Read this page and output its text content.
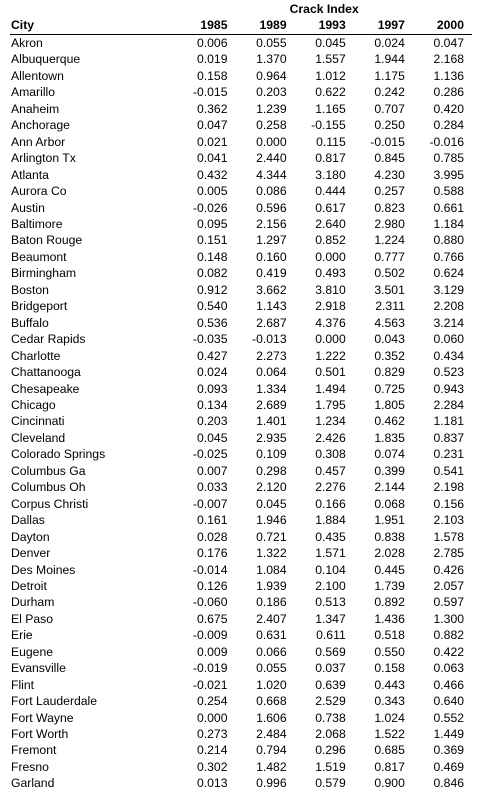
	Crack Index				
City	1985	1989	1993	1997	2000
Akron	0.006	0.055	0.045	0.024	0.047
Albuquerque	0.019	1.370	1.557	1.944	2.168
Allentown	0.158	0.964	1.012	1.175	1.136
Amarillo	-0.015	0.203	0.622	0.242	0.286
Anaheim	0.362	1.239	1.165	0.707	0.420
Anchorage	0.047	0.258	-0.155	0.250	0.284
Ann Arbor	0.021	0.000	0.115	-0.015	-0.016
Arlington Tx	0.041	2.440	0.817	0.845	0.785
Atlanta	0.432	4.344	3.180	4.230	3.995
Aurora Co	0.005	0.086	0.444	0.257	0.588
Austin	-0.026	0.596	0.617	0.823	0.661
Baltimore	0.095	2.156	2.640	2.980	1.184
Baton Rouge	0.151	1.297	0.852	1.224	0.880
Beaumont	0.148	0.160	0.000	0.777	0.766
Birmingham	0.082	0.419	0.493	0.502	0.624
Boston	0.912	3.662	3.810	3.501	3.129
Bridgeport	0.540	1.143	2.918	2.311	2.208
Buffalo	0.536	2.687	4.376	4.563	3.214
Cedar Rapids	-0.035	-0.013	0.000	0.043	0.060
Charlotte	0.427	2.273	1.222	0.352	0.434
Chattanooga	0.024	0.064	0.501	0.829	0.523
Chesapeake	0.093	1.334	1.494	0.725	0.943
Chicago	0.134	2.689	1.795	1.805	2.284
Cincinnati	0.203	1.401	1.234	0.462	1.181
Cleveland	0.045	2.935	2.426	1.835	0.837
Colorado Springs	-0.025	0.109	0.308	0.074	0.231
Columbus Ga	0.007	0.298	0.457	0.399	0.541
Columbus Oh	0.033	2.120	2.276	2.144	2.198
Corpus Christi	-0.007	0.045	0.166	0.068	0.156
Dallas	0.161	1.946	1.884	1.951	2.103
Dayton	0.028	0.721	0.435	0.838	1.578
Denver	0.176	1.322	1.571	2.028	2.785
Des Moines	-0.014	1.084	0.104	0.445	0.426
Detroit	0.126	1.939	2.100	1.739	2.057
Durham	-0.060	0.186	0.513	0.892	0.597
El Paso	0.675	2.407	1.347	1.436	1.300
Erie	-0.009	0.631	0.611	0.518	0.882
Eugene	0.009	0.066	0.569	0.550	0.422
Evansville	-0.019	0.055	0.037	0.158	0.063
Flint	-0.021	1.020	0.639	0.443	0.466
Fort Lauderdale	0.254	0.668	2.529	0.343	0.640
Fort Wayne	0.000	1.606	0.738	1.024	0.552
Fort Worth	0.273	2.484	2.068	1.522	1.449
Fremont	0.214	0.794	0.296	0.685	0.369
Fresno	0.302	1.482	1.519	0.817	0.469
Garland	0.013	0.996	0.579	0.900	0.846
